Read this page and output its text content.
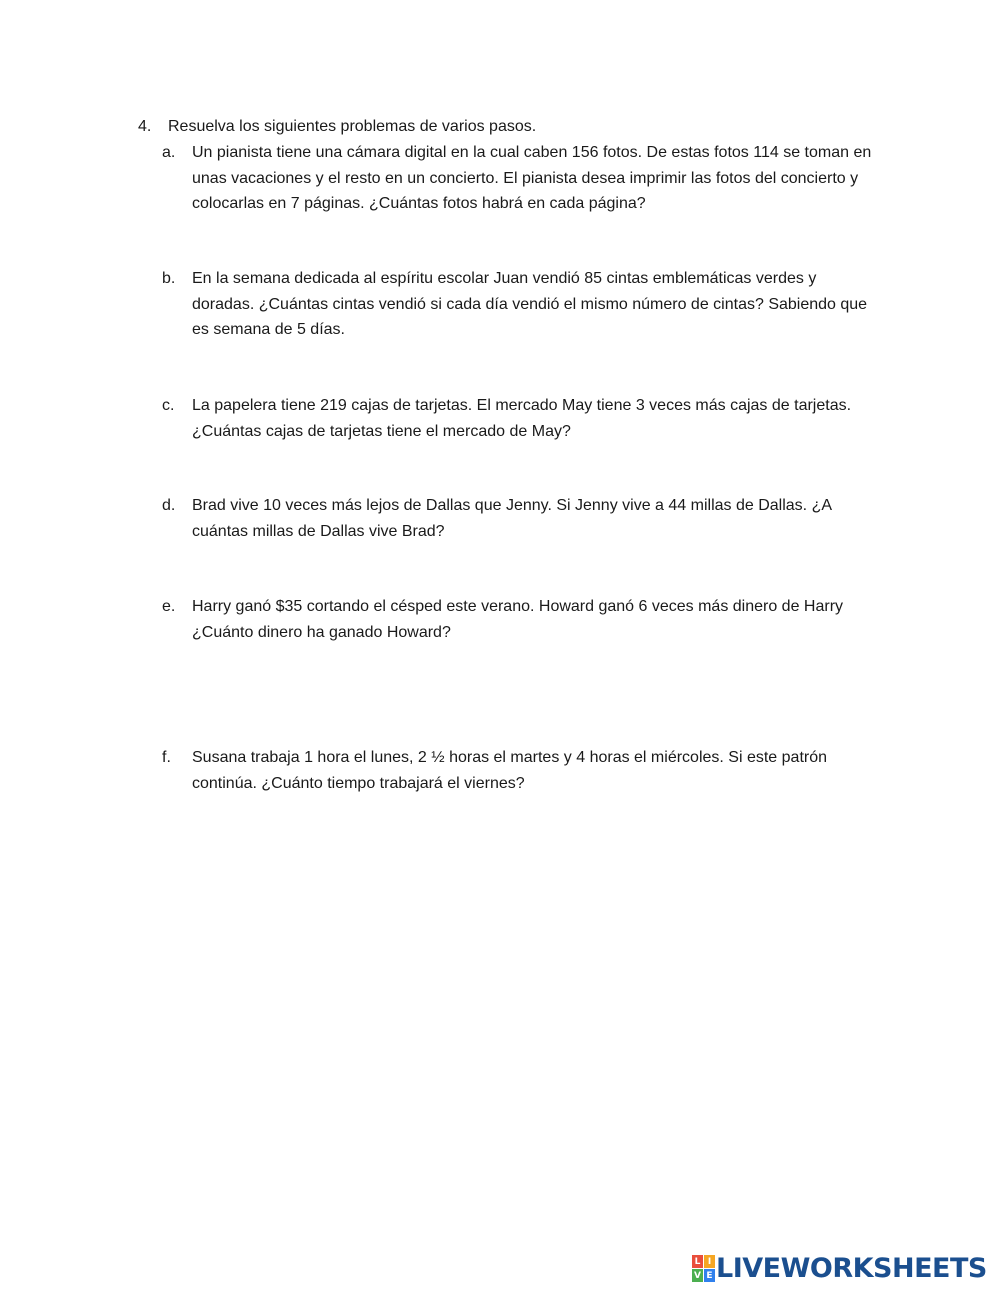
4. Resuelva los siguientes problemas de varios pasos.
a.	Un pianista tiene una cámara digital en la cual caben 156 fotos. De estas fotos 114 se toman en unas vacaciones y el resto en un concierto. El pianista desea imprimir las fotos del concierto y colocarlas en 7 páginas. ¿Cuántas fotos habrá en cada página?
b.	En la semana dedicada al espíritu escolar Juan vendió 85 cintas emblemáticas verdes y doradas. ¿Cuántas cintas vendió si cada día vendió el mismo número de cintas? Sabiendo que es semana de 5 días.
c.	La papelera tiene 219 cajas de tarjetas. El mercado May tiene 3 veces más cajas de tarjetas. ¿Cuántas cajas de tarjetas tiene el mercado de May?
d.	Brad vive 10 veces más lejos de Dallas que Jenny. Si Jenny vive a 44 millas de Dallas. ¿A cuántas millas de Dallas vive Brad?
e.	Harry ganó $35 cortando el césped este verano. Howard ganó 6 veces más dinero de Harry ¿Cuánto dinero ha ganado Howard?
f.	Susana trabaja 1 hora el lunes, 2 ½ horas el martes y 4 horas el miércoles. Si este patrón continúa. ¿Cuánto tiempo trabajará el viernes?
L I
V E LIVEWORKSHEETS
